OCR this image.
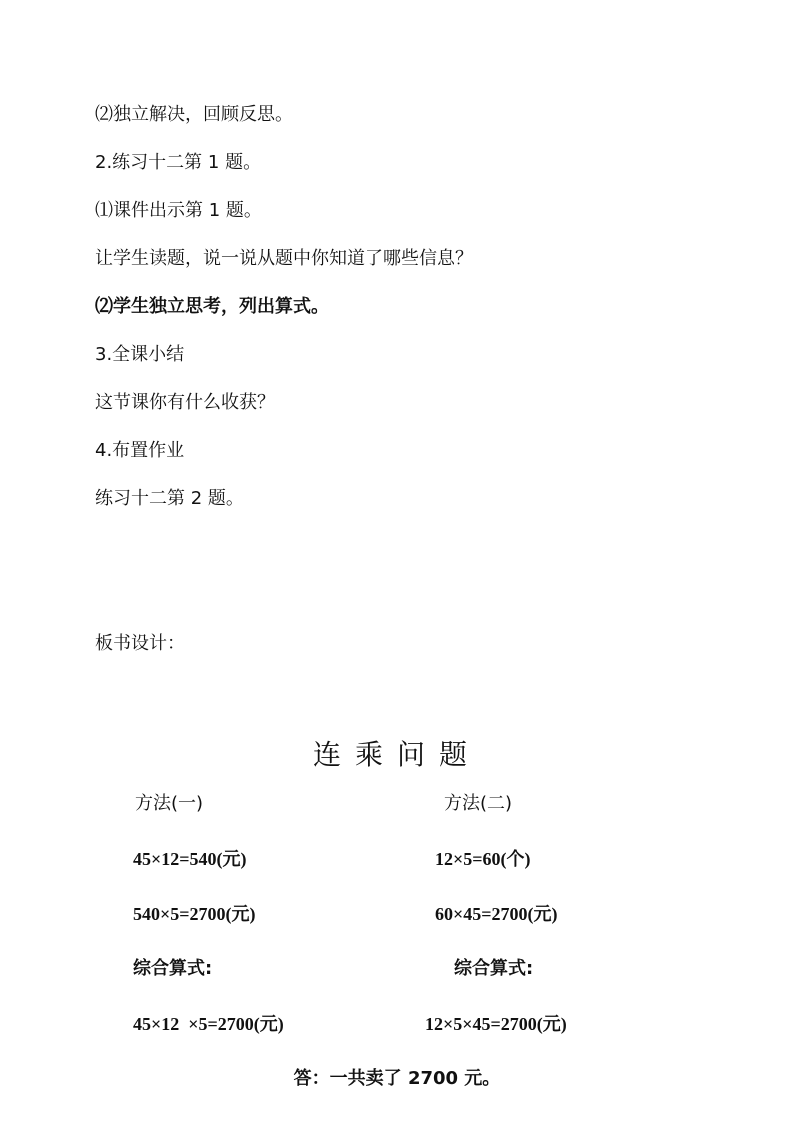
⑵独立解决，回顾反思。
2.练习十二第 1 题。
⑴课件出示第 1 题。
让学生读题，说一说从题中你知道了哪些信息？
⑵学生独立思考，列出算式。
3.全课小结
这节课你有什么收获？
4.布置作业
练习十二第 2 题。
板书设计：
连乘问题
方法(一)
45×12=540(元)
540×5=2700(元)
综合算式:
45×12  ×5=2700(元)
方法(二)
12×5=60(个)
60×45=2700(元)
综合算式:
12×5×45=2700(元)
答：一共卖了 2700 元。
